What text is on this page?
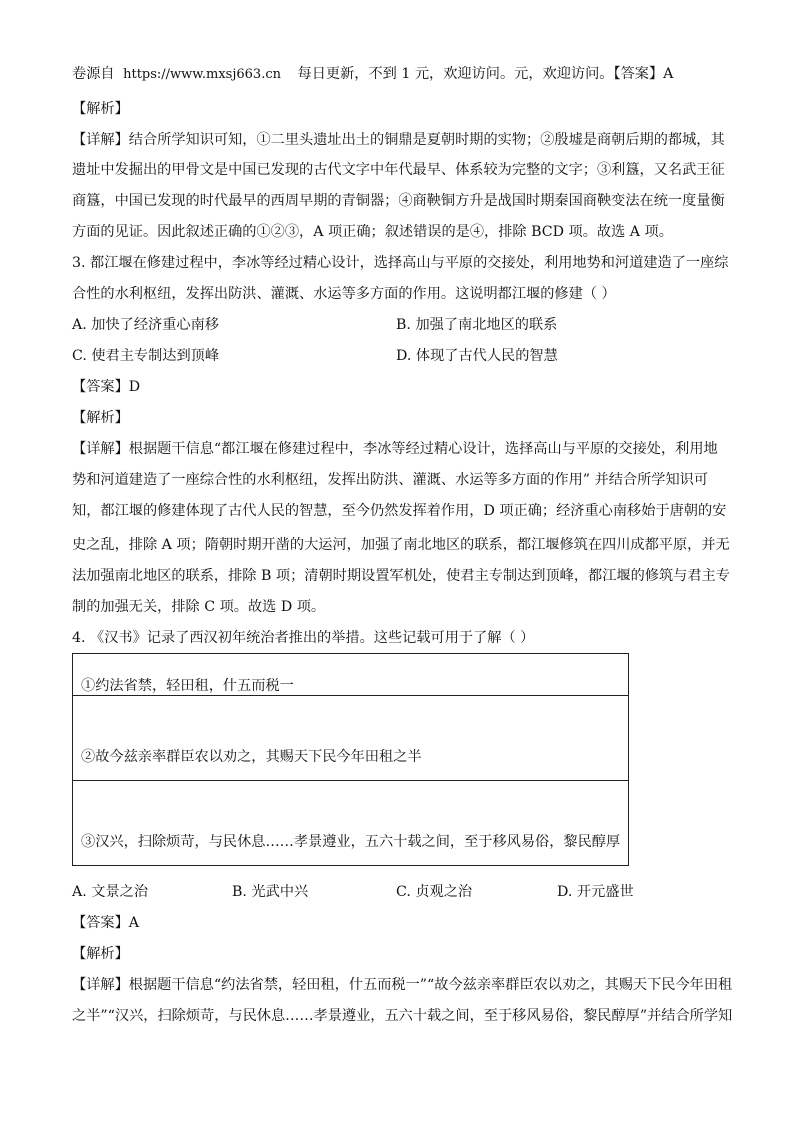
卷源自 https://www.mxsj663.cn 每日更新，不到 1 元，欢迎访问。元，欢迎访问。【答案】A
【解析】
【详解】结合所学知识可知，①二里头遗址出土的铜鼎是夏朝时期的实物；②殷墟是商朝后期的都城，其
遗址中发掘出的甲骨文是中国已发现的古代文字中年代最早、体系较为完整的文字；③利簋，又名武王征
商簋，中国已发现的时代最早的西周早期的青铜器；④商鞅铜方升是战国时期秦国商鞅变法在统一度量衡
方面的见证。因此叙述正确的①②③，A 项正确；叙述错误的是④，排除 BCD 项。故选 A 项。
3. 都江堰在修建过程中，李冰等经过精心设计，选择高山与平原的交接处，利用地势和河道建造了一座综
合性的水利枢纽，发挥出防洪、灌溉、水运等多方面的作用。这说明都江堰的修建（ ）
A. 加快了经济重心南移	B. 加强了南北地区的联系
C. 使君主专制达到顶峰	D. 体现了古代人民的智慧
【答案】D
【解析】
【详解】根据题干信息“都江堰在修建过程中，李冰等经过精心设计，选择高山与平原的交接处，利用地
势和河道建造了一座综合性的水利枢纽，发挥出防洪、灌溉、水运等多方面的作用” 并结合所学知识可
知，都江堰的修建体现了古代人民的智慧，至今仍然发挥着作用，D 项正确；经济重心南移始于唐朝的安
史之乱，排除 A 项；隋朝时期开凿的大运河，加强了南北地区的联系，都江堰修筑在四川成都平原，并无
法加强南北地区的联系，排除 B 项；清朝时期设置军机处，使君主专制达到顶峰，都江堰的修筑与君主专
制的加强无关，排除 C 项。故选 D 项。
4. 《汉书》记录了西汉初年统治者推出的举措。这些记载可用于了解（ ）
①约法省禁，轻田租，什五而税一
②故今兹亲率群臣农以劝之，其赐天下民今年田租之半
③汉兴，扫除烦苛，与民休息……孝景遵业，五六十载之间，至于移风易俗，黎民醇厚
A. 文景之治	B. 光武中兴	C. 贞观之治	D. 开元盛世
【答案】A
【解析】
【详解】根据题干信息“约法省禁，轻田租，什五而税一”“故今兹亲率群臣农以劝之，其赐天下民今年田租
之半”“汉兴，扫除烦苛，与民休息……孝景遵业，五六十载之间，至于移风易俗，黎民醇厚”并结合所学知
